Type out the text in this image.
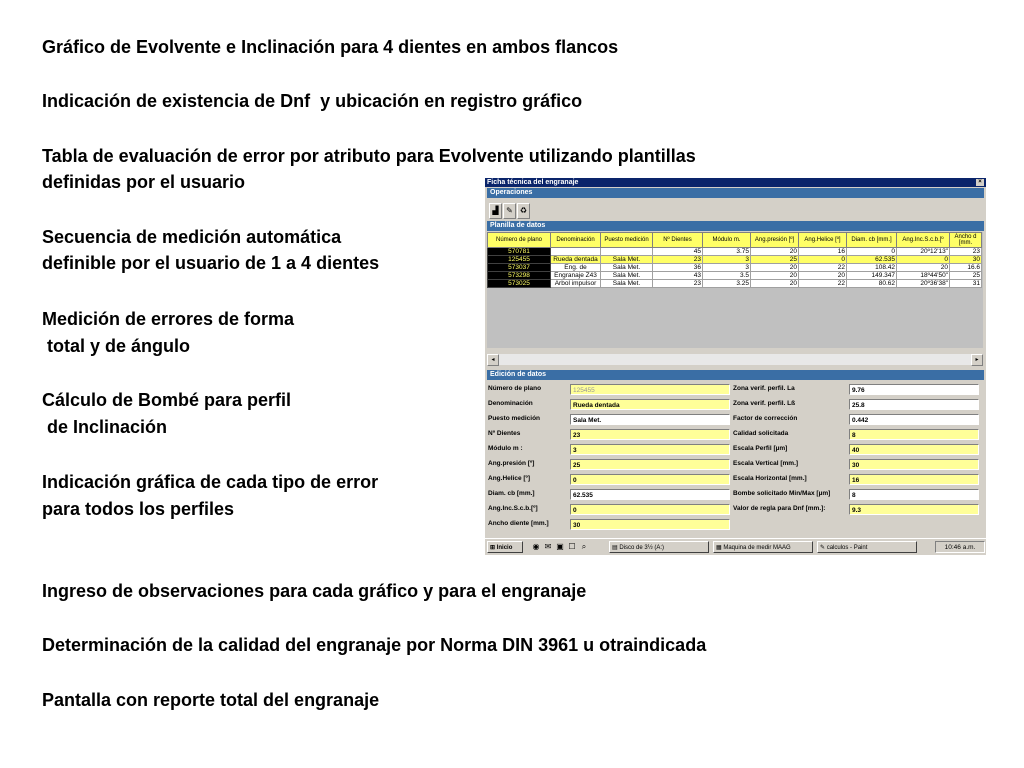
Gráfico de Evolvente e Inclinación para 4 dientes en ambos flancos
Indicación de existencia de Dnf  y ubicación en registro gráfico
Tabla de evaluación de error por atributo para Evolvente utilizando plantillas
definidas por el usuario
Secuencia de medición automática
definible por el usuario de 1 a 4 dientes
Medición de errores de forma
total y de ángulo
Cálculo de Bombé para perfil
de Inclinación
Indicación gráfica de cada tipo de error
para todos los perfiles
Ingreso de observaciones para cada gráfico y para el engranaje
Determinación de la calidad del engranaje por Norma DIN 3961 u otraindicada
Pantalla con reporte total del engranaje
Ficha técnica del engranaje	×
Operaciones
▟ ✎ ♻
Planilla de datos
Número de plano	Denominación	Puesto medición	Nº Dientes	Módulo m.	Ang.presión [º]	Ang.Helice [º]	Diam. cb [mm.]	Ang.Inc.S.c.b.[º	Ancho d [mm.
570781			45	3.75	20	16	0	20º12'13"	23
125455	Rueda dentada	Sala Met.	23	3	25	0	62.535	0	30
573037	Eng. de	Sala Met.	36	3	20	22	108.42	20	16.6
573298	Engranaje Z43	Sala Met.	43	3.5	20	20	149.347	18º44'50"	25
573025	Arbol impulsor	Sala Met.	23	3.25	20	22	80.62	20º36'38"	31
◂	▸
Edición de datos
Número de plano	125455
Denominación	Rueda dentada
Puesto medición	Sala Met.
Nº Dientes	23
Módulo m :	3
Ang.presión [º]	25
Ang.Helice [º]	0
Diam. cb [mm.]	62.535
Ang.Inc.S.c.b.[º]	0
Ancho diente [mm.]	30
Zona verif. perfil. La	9.76
Zona verif. perfil. Lß	25.8
Factor de corrección	0.442
Calidad solicitada	8
Escala Perfil [µm]	40
Escala Vertical [mm.]	30
Escala Horizontal [mm.]	16
Bombe solicitado Min/Max [µm]	8
Valor de regla para Dnf [mm.]:	9.3
⊞ Inicio	◉ ✉ ▣ ☐ ⌕	▤ Disco de 3½ (A:)	▦ Maquina de medir MAAG	✎ calculos - Paint	10:46 a.m.
